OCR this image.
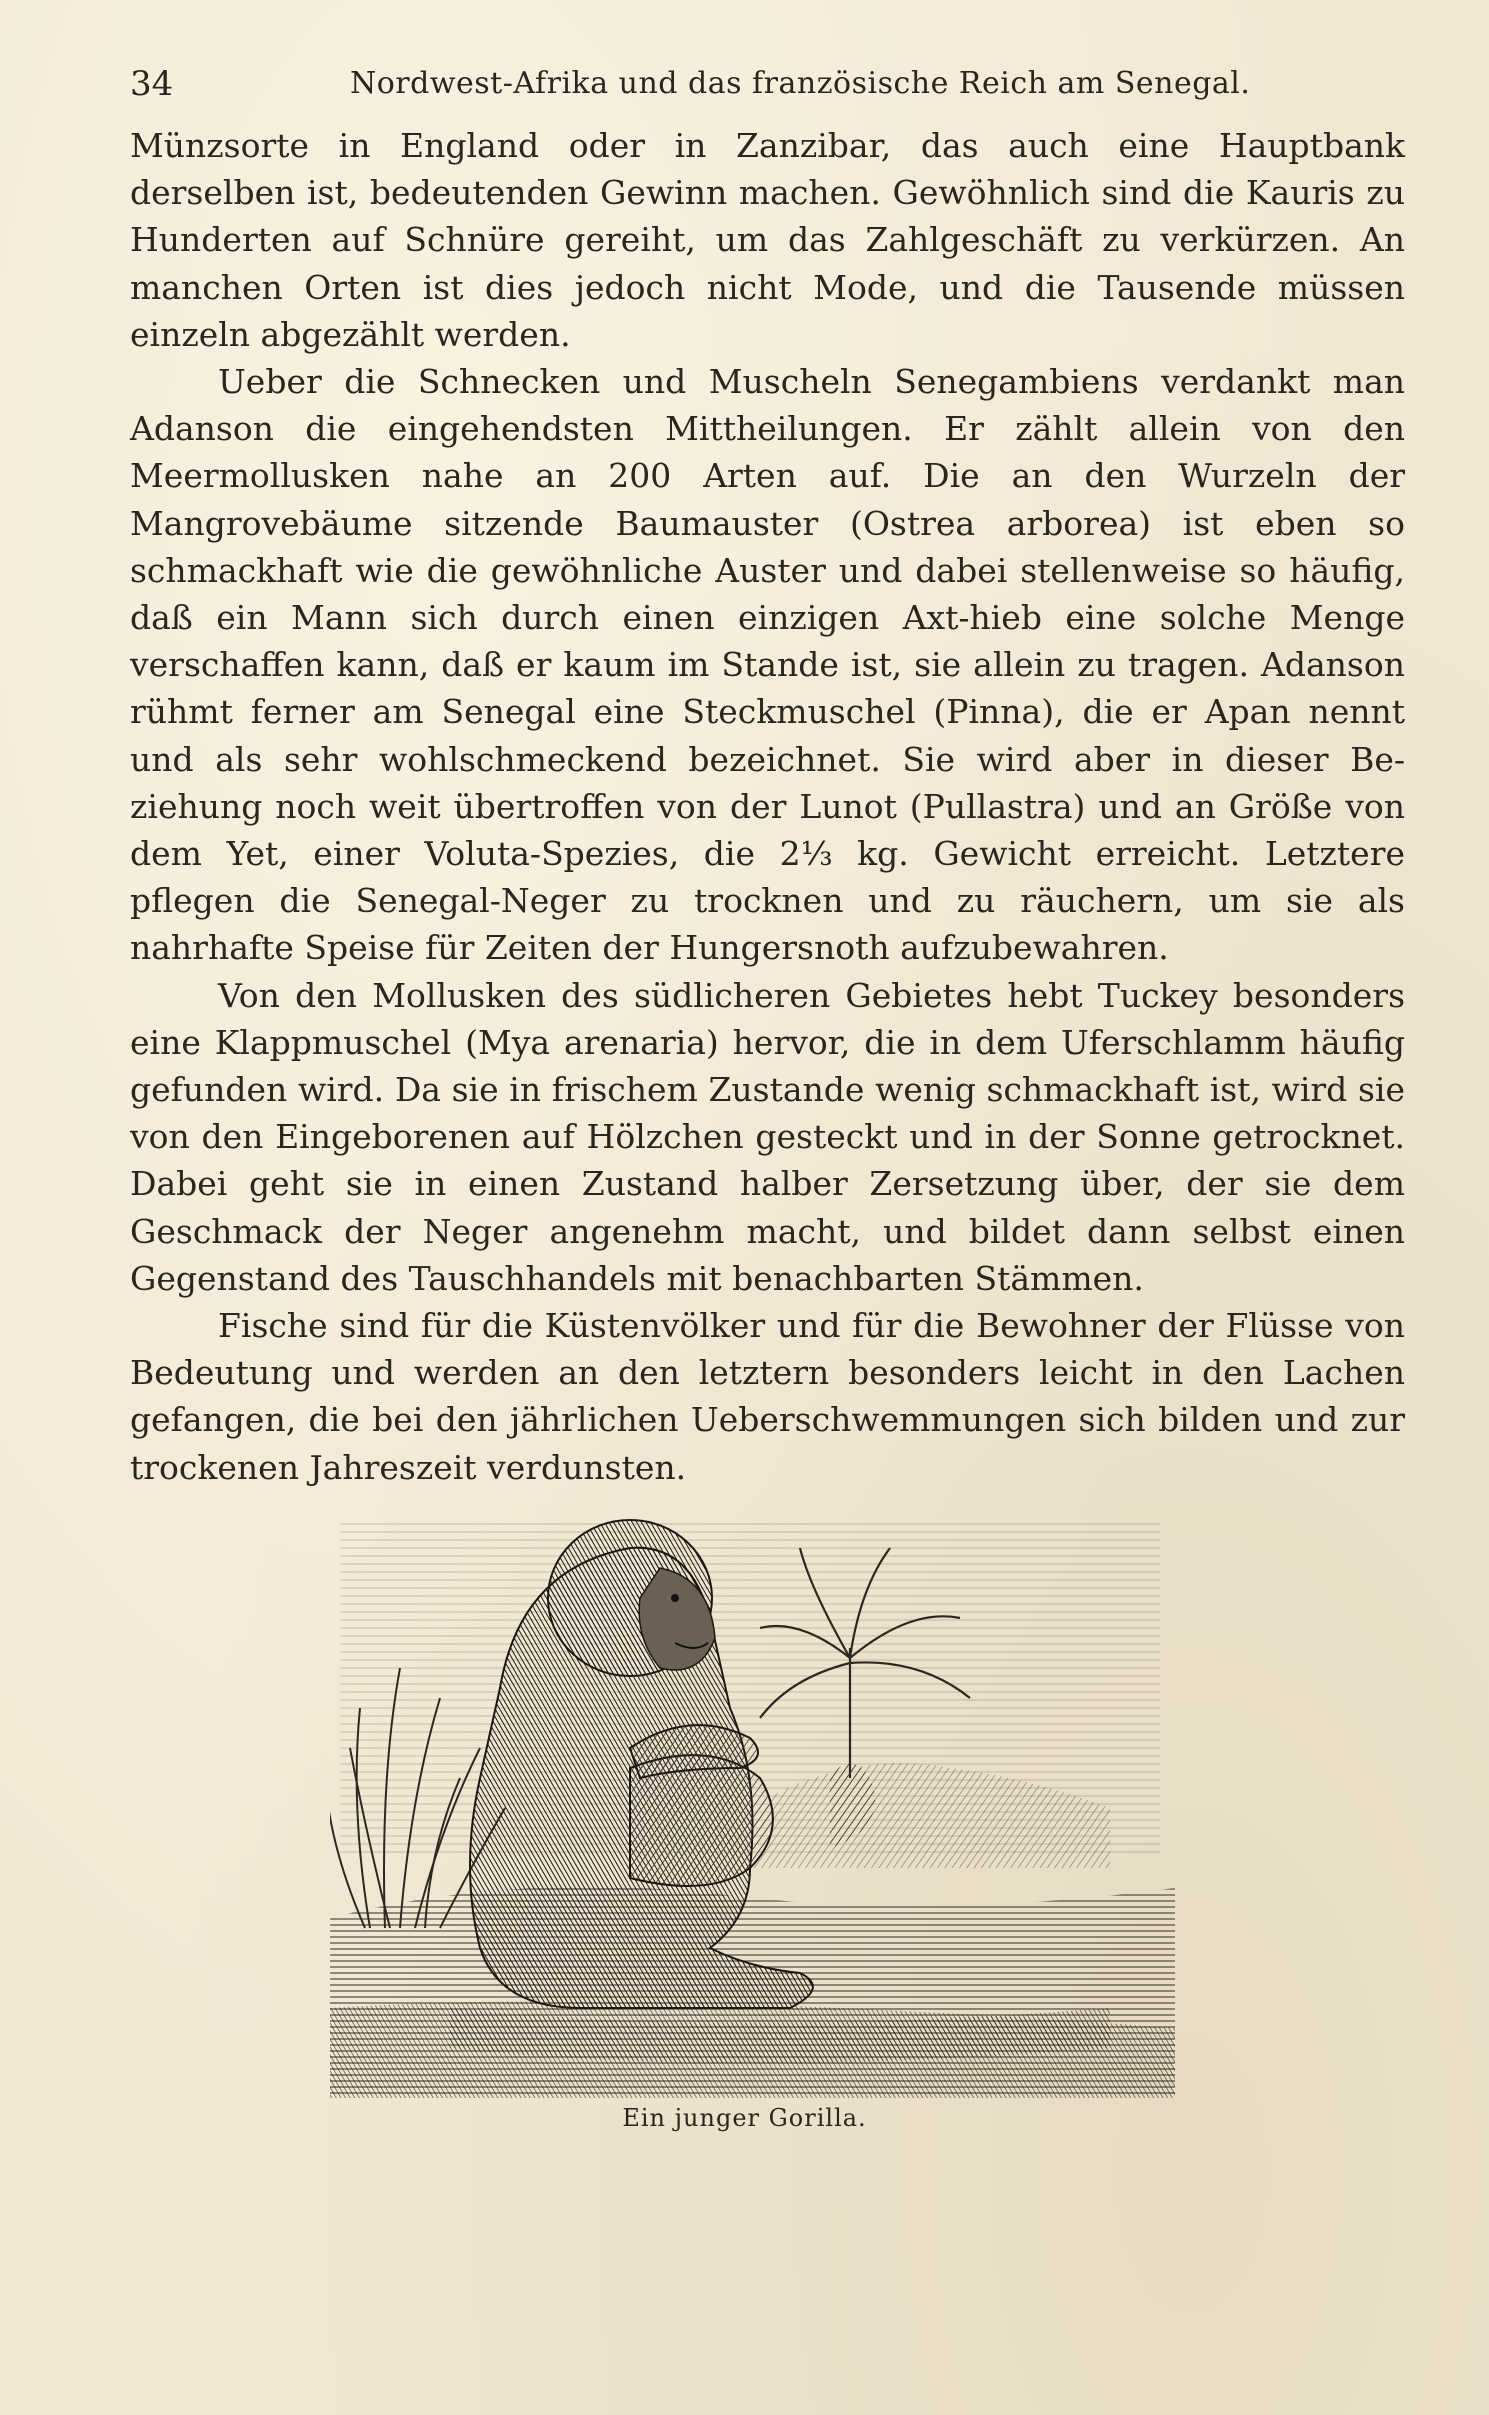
34	Nordwest-Afrika und das französische Reich am Senegal.

Münzsorte in England oder in Zanzibar, das auch eine Hauptbank derselben ist, bedeutenden Gewinn machen. Gewöhnlich sind die Kauris zu Hunderten auf Schnüre gereiht, um das Zahlgeschäft zu verkürzen. An manchen Orten ist dies jedoch nicht Mode, und die Tausende müssen einzeln abgezählt werden.

Ueber die Schnecken und Muscheln Senegambiens verdankt man Adanson die eingehendsten Mittheilungen. Er zählt allein von den Meermollusken nahe an 200 Arten auf. Die an den Wurzeln der Mangrovebäume sitzende Baumauster (Ostrea arborea) ist eben so schmackhaft wie die gewöhnliche Auster und dabei stellenweise so häufig, daß ein Mann sich durch einen einzigen Axt-hieb eine solche Menge verschaffen kann, daß er kaum im Stande ist, sie allein zu tragen. Adanson rühmt ferner am Senegal eine Steckmuschel (Pinna), die er Apan nennt und als sehr wohlschmeckend bezeichnet. Sie wird aber in dieser Be-ziehung noch weit übertroffen von der Lunot (Pullastra) und an Größe von dem Yet, einer Voluta-Spezies, die 2⅓ kg. Gewicht erreicht. Letztere pflegen die Senegal-Neger zu trocknen und zu räuchern, um sie als nahrhafte Speise für Zeiten der Hungersnoth aufzubewahren.

Von den Mollusken des südlicheren Gebietes hebt Tuckey besonders eine Klappmuschel (Mya arenaria) hervor, die in dem Uferschlamm häufig gefunden wird. Da sie in frischem Zustande wenig schmackhaft ist, wird sie von den Eingeborenen auf Hölzchen gesteckt und in der Sonne getrocknet. Dabei geht sie in einen Zustand halber Zersetzung über, der sie dem Geschmack der Neger angenehm macht, und bildet dann selbst einen Gegenstand des Tauschhandels mit benachbarten Stämmen.

Fische sind für die Küstenvölker und für die Bewohner der Flüsse von Bedeutung und werden an den letztern besonders leicht in den Lachen gefangen, die bei den jährlichen Ueberschwemmungen sich bilden und zur trockenen Jahreszeit verdunsten.

Ein junger Gorilla.
